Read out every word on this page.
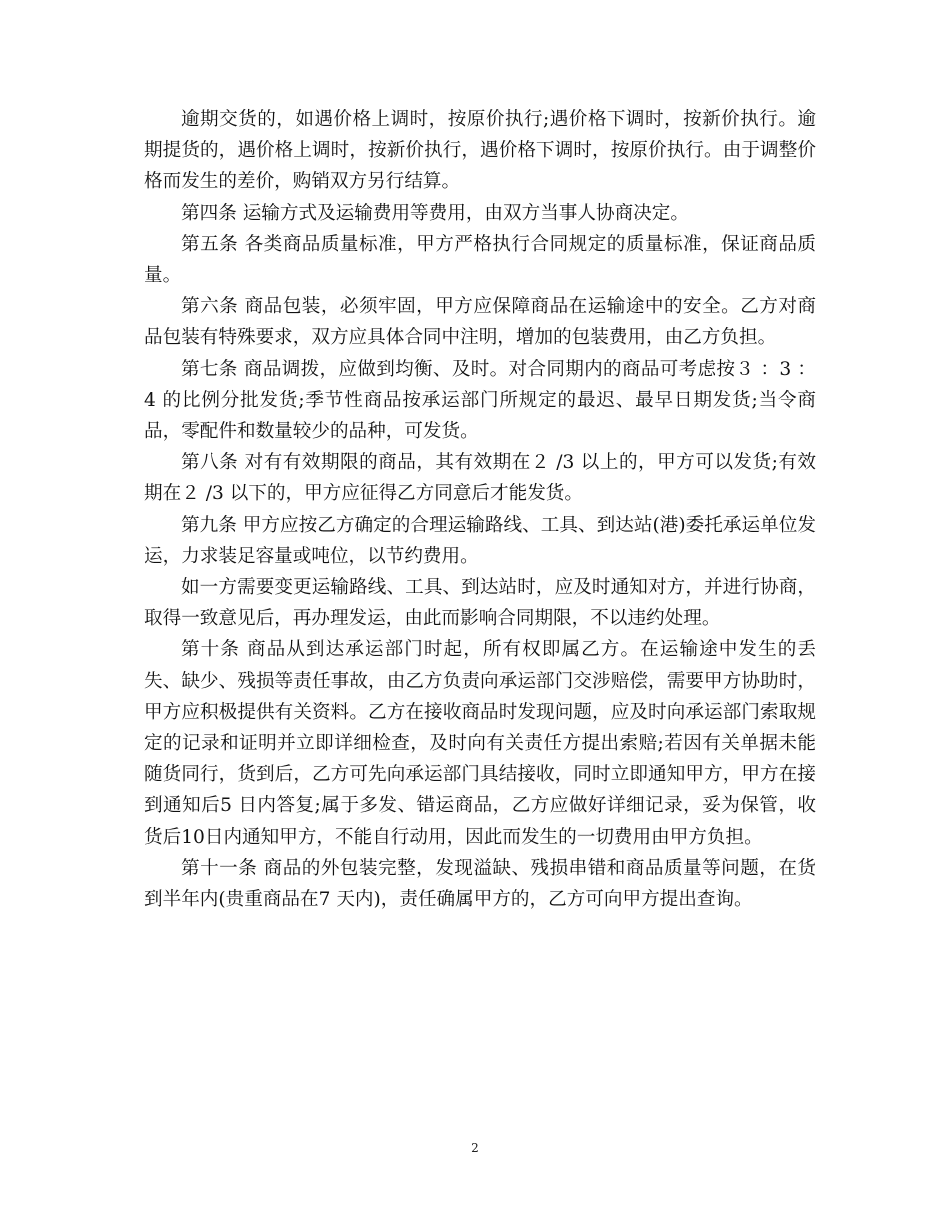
逾期交货的，如遇价格上调时，按原价执行;遇价格下调时，按新价执行。逾期提货的，遇价格上调时，按新价执行，遇价格下调时，按原价执行。由于调整价格而发生的差价，购销双方另行结算。

第四条 运输方式及运输费用等费用，由双方当事人协商决定。

第五条 各类商品质量标准，甲方严格执行合同规定的质量标准，保证商品质量。

第六条 商品包装，必须牢固，甲方应保障商品在运输途中的安全。乙方对商品包装有特殊要求，双方应具体合同中注明，增加的包装费用，由乙方负担。

第七条 商品调拨，应做到均衡、及时。对合同期内的商品可考虑按３ ：3 ：4 的比例分批发货;季节性商品按承运部门所规定的最迟、最早日期发货;当令商品，零配件和数量较少的品种，可发货。

第八条 对有有效期限的商品，其有效期在２ /3 以上的，甲方可以发货;有效期在２ /3 以下的，甲方应征得乙方同意后才能发货。

第九条 甲方应按乙方确定的合理运输路线、工具、到达站(港)委托承运单位发运，力求装足容量或吨位，以节约费用。

如一方需要变更运输路线、工具、到达站时，应及时通知对方，并进行协商，取得一致意见后，再办理发运，由此而影响合同期限，不以违约处理。

第十条 商品从到达承运部门时起，所有权即属乙方。在运输途中发生的丢失、缺少、残损等责任事故，由乙方负责向承运部门交涉赔偿，需要甲方协助时，甲方应积极提供有关资料。乙方在接收商品时发现问题，应及时向承运部门索取规定的记录和证明并立即详细检查，及时向有关责任方提出索赔;若因有关单据未能随货同行，货到后，乙方可先向承运部门具结接收，同时立即通知甲方，甲方在接到通知后5 日内答复;属于多发、错运商品，乙方应做好详细记录，妥为保管，收货后10日内通知甲方，不能自行动用，因此而发生的一切费用由甲方负担。

第十一条 商品的外包装完整，发现溢缺、残损串错和商品质量等问题，在货到半年内(贵重商品在7 天内)，责任确属甲方的，乙方可向甲方提出查询。

2
